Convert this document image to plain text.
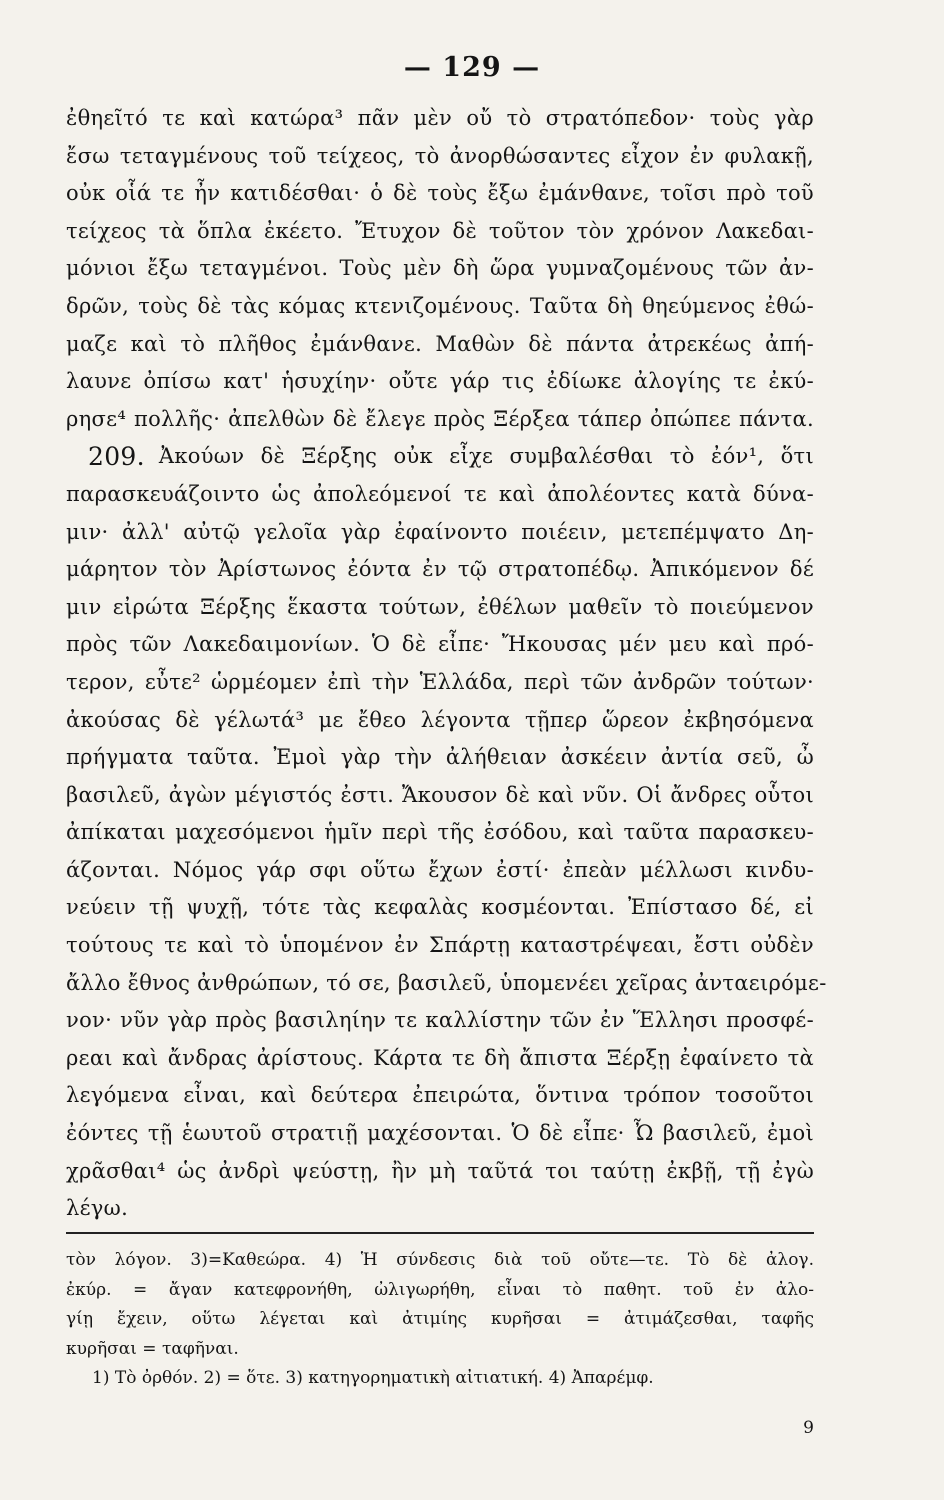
— 129 —
ἐθηεῖτό τε καὶ κατώρα³ πᾶν μὲν οὔ τὸ στρατόπεδον· τοὺς γὰρ
ἔσω τεταγμένους τοῦ τείχεος, τὸ ἀνορθώσαντες εἶχον ἐν φυλακῇ,
οὐκ οἷά τε ἦν κατιδέσθαι· ὁ δὲ τοὺς ἔξω ἐμάνθανε, τοῖσι πρὸ τοῦ
τείχεος τὰ ὅπλα ἐκέετο. Ἔτυχον δὲ τοῦτον τὸν χρόνον Λακεδαι-
μόνιοι ἔξω τεταγμένοι. Τοὺς μὲν δὴ ὥρα γυμναζομένους τῶν ἀν-
δρῶν, τοὺς δὲ τὰς κόμας κτενιζομένους. Ταῦτα δὴ θηεύμενος ἐθώ-
μαζε καὶ τὸ πλῆθος ἐμάνθανε. Μαθὼν δὲ πάντα ἀτρεκέως ἀπή-
λαυνε ὀπίσω κατ' ἡσυχίην· οὔτε γάρ τις ἐδίωκε ἀλογίης τε ἐκύ-
ρησε⁴ πολλῆς· ἀπελθὼν δὲ ἔλεγε πρὸς Ξέρξεα τάπερ ὀπώπεε πάντα.
209. Ἀκούων δὲ Ξέρξης οὐκ εἶχε συμβαλέσθαι τὸ ἐόν¹, ὅτι
παρασκευάζοιντο ὡς ἀπολεόμενοί τε καὶ ἀπολέοντες κατὰ δύνα-
μιν· ἀλλ' αὐτῷ γελοῖα γὰρ ἐφαίνοντο ποιέειν, μετεπέμψατο Δη-
μάρητον τὸν Ἀρίστωνος ἐόντα ἐν τῷ στρατοπέδῳ. Ἀπικόμενον δέ
μιν εἰρώτα Ξέρξης ἕκαστα τούτων, ἐθέλων μαθεῖν τὸ ποιεύμενον
πρὸς τῶν Λακεδαιμονίων. Ὁ δὲ εἶπε· Ἤκουσας μέν μευ καὶ πρό-
τερον, εὖτε² ὡρμέομεν ἐπὶ τὴν Ἑλλάδα, περὶ τῶν ἀνδρῶν τούτων·
ἀκούσας δὲ γέλωτά³ με ἔθεο λέγοντα τῇπερ ὥρεον ἐκβησόμενα
πρήγματα ταῦτα. Ἐμοὶ γὰρ τὴν ἀλήθειαν ἀσκέειν ἀντία σεῦ, ὦ
βασιλεῦ, ἀγὼν μέγιστός ἐστι. Ἄκουσον δὲ καὶ νῦν. Οἱ ἄνδρες οὗτοι
ἀπίκαται μαχεσόμενοι ἡμῖν περὶ τῆς ἐσόδου, καὶ ταῦτα παρασκευ-
άζονται. Νόμος γάρ σφι οὕτω ἔχων ἐστί· ἐπεὰν μέλλωσι κινδυ-
νεύειν τῇ ψυχῇ, τότε τὰς κεφαλὰς κοσμέονται. Ἐπίστασο δέ, εἰ
τούτους τε καὶ τὸ ὑπομένον ἐν Σπάρτῃ καταστρέψεαι, ἔστι οὐδὲν
ἄλλο ἔθνος ἀνθρώπων, τό σε, βασιλεῦ, ὑπομενέει χεῖρας ἀνταειρόμε-
νον· νῦν γὰρ πρὸς βασιληίην τε καλλίστην τῶν ἐν Ἕλλησι προσφέ-
ρεαι καὶ ἄνδρας ἀρίστους. Κάρτα τε δὴ ἄπιστα Ξέρξῃ ἐφαίνετο τὰ
λεγόμενα εἶναι, καὶ δεύτερα ἐπειρώτα, ὅντινα τρόπον τοσοῦτοι
ἐόντες τῇ ἑωυτοῦ στρατιῇ μαχέσονται. Ὁ δὲ εἶπε· Ὦ βασιλεῦ, ἐμοὶ
χρᾶσθαι⁴ ὡς ἀνδρὶ ψεύστῃ, ἢν μὴ ταῦτά τοι ταύτῃ ἐκβῇ, τῇ ἐγὼ
λέγω.
τὸν λόγον. 3)=Καθεώρα. 4) Ἡ σύνδεσις διὰ τοῦ οὔτε—τε. Τὸ δὲ ἀλογ.
ἐκύρ. = ἄγαν κατεφρονήθη, ὠλιγωρήθη, εἶναι τὸ παθητ. τοῦ ἐν ἀλο-
γίῃ ἔχειν, οὕτω λέγεται καὶ ἀτιμίης κυρῆσαι = ἀτιμάζεσθαι, ταφῆς
κυρῆσαι = ταφῆναι.
1) Τὸ ὀρθόν. 2) = ὅτε. 3) κατηγορηματικὴ αἰτιατική. 4) Ἀπαρέμφ.
9
